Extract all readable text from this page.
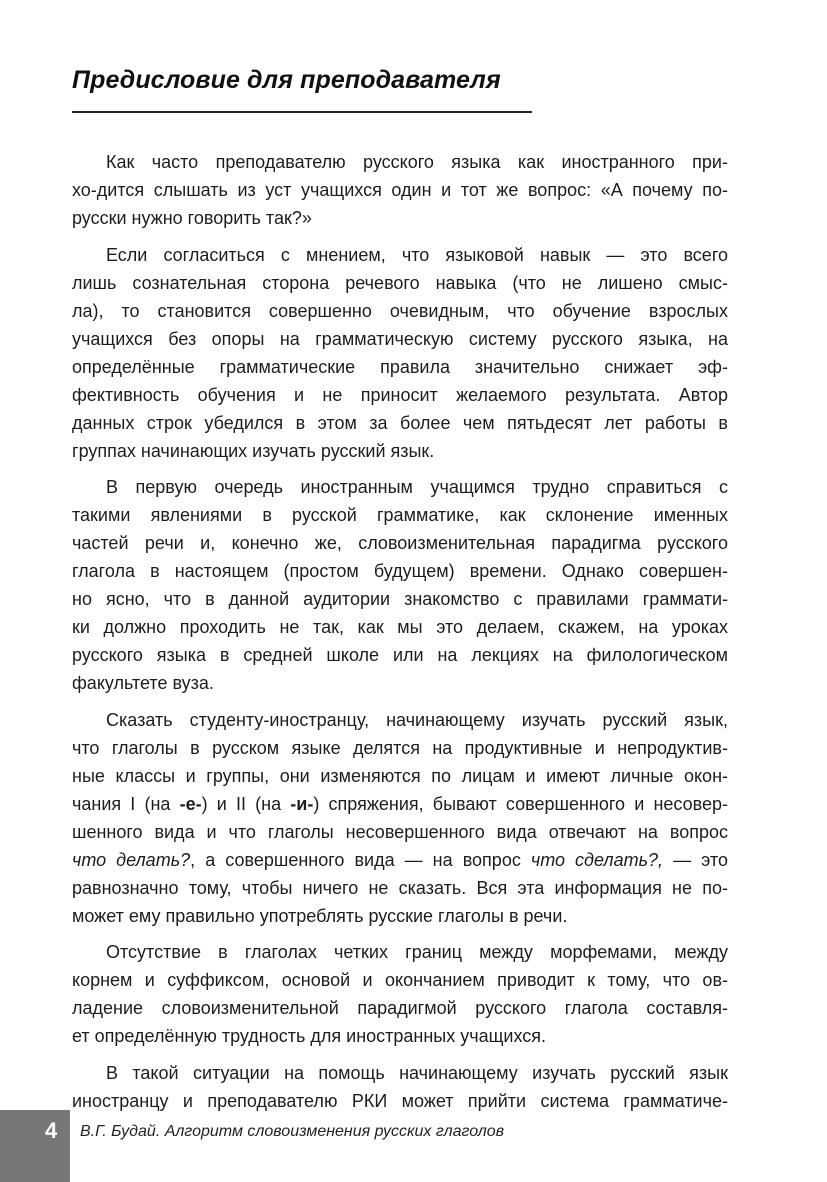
Предисловие для преподавателя
Как часто преподавателю русского языка как иностранного при-
хо-дится слышать из уст учащихся один и тот же вопрос: «А почему по-
русски нужно говорить так?»
Если согласиться с мнением, что языковой навык — это всего
лишь сознательная сторона речевого навыка (что не лишено смыс-
ла), то становится совершенно очевидным, что обучение взрослых
учащихся без опоры на грамматическую систему русского языка, на
определённые грамматические правила значительно снижает эф-
фективность обучения и не приносит желаемого результата. Автор
данных строк убедился в этом за более чем пятьдесят лет работы в
группах начинающих изучать русский язык.
В первую очередь иностранным учащимся трудно справиться с
такими явлениями в русской грамматике, как склонение именных
частей речи и, конечно же, словоизменительная парадигма русского
глагола в настоящем (простом будущем) времени. Однако совершен-
но ясно, что в данной аудитории знакомство с правилами граммати-
ки должно проходить не так, как мы это делаем, скажем, на уроках
русского языка в средней школе или на лекциях на филологическом
факультете вуза.
Сказать студенту-иностранцу, начинающему изучать русский язык,
что глаголы в русском языке делятся на продуктивные и непродуктив-
ные классы и группы, они изменяются по лицам и имеют личные окон-
чания I (на -е-) и II (на -и-) спряжения, бывают совершенного и несовер-
шенного вида и что глаголы несовершенного вида отвечают на вопрос
что делать?, а совершенного вида — на вопрос что сделать?, — это
равнозначно тому, чтобы ничего не сказать. Вся эта информация не по-
может ему правильно употреблять русские глаголы в речи.
Отсутствие в глаголах четких границ между морфемами, между
корнем и суффиксом, основой и окончанием приводит к тому, что ов-
ладение словоизменительной парадигмой русского глагола составля-
ет определённую трудность для иностранных учащихся.
В такой ситуации на помощь начинающему изучать русский язык
иностранцу и преподавателю РКИ может прийти система грамматиче-
4 В.Г. Будай. Алгоритм словоизменения русских глаголов
